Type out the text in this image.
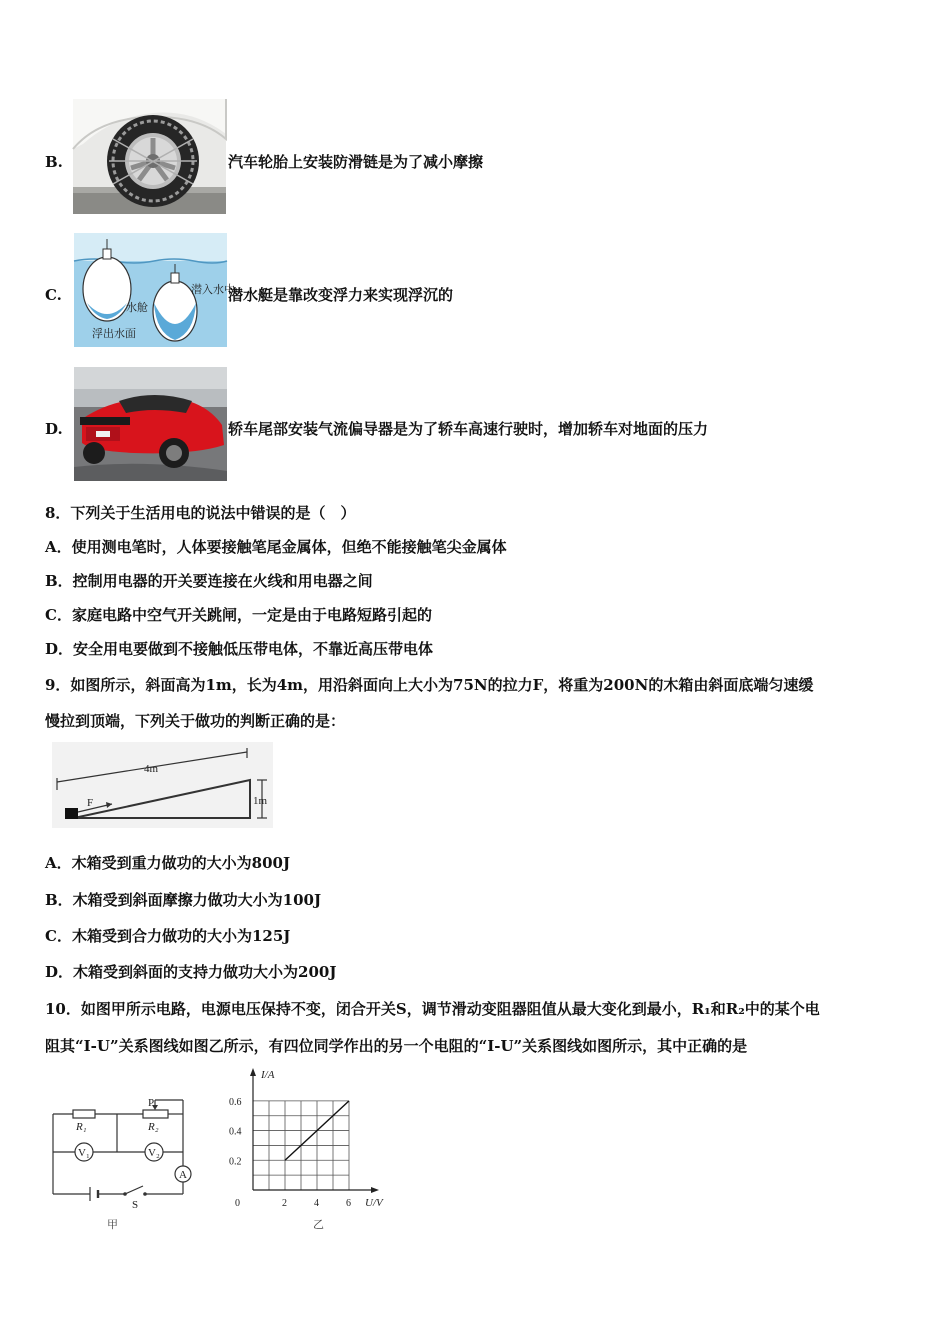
B.	汽车轮胎上安装防滑链是为了减小摩擦
C.	潜入水中
水舱
浮出水面
潜水艇是靠改变浮力来实现浮沉的
D.	轿车尾部安装气流偏导器是为了轿车高速行驶时，增加轿车对地面的压力
8．下列关于生活用电的说法中错误的是（　）
A．使用测电笔时，人体要接触笔尾金属体，但绝不能接触笔尖金属体
B．控制用电器的开关要连接在火线和用电器之间
C．家庭电路中空气开关跳闸，一定是由于电路短路引起的
D．安全用电要做到不接触低压带电体，不靠近高压带电体
9．如图所示，斜面高为1m，长为4m，用沿斜面向上大小为75N的拉力F，将重为200N的木箱由斜面底端匀速缓
慢拉到顶端，下列关于做功的判断正确的是：
4m
F	1m
A．木箱受到重力做功的大小为800J
B．木箱受到斜面摩擦力做功大小为100J
C．木箱受到合力做功的大小为125J
D．木箱受到斜面的支持力做功大小为200J
10．如图甲所示电路，电源电压保持不变，闭合开关S，调节滑动变阻器阻值从最大变化到最小，R₁和R₂中的某个电
阻其“I-U”关系图线如图乙所示，有四位同学作出的另一个电阻的“I-U”关系图线如图所示，其中正确的是
P
R₁	R₂
V₁	V₂
A
S
甲
0	2	4	6
0.2
0.4
0.6
I/A
U/V
乙
